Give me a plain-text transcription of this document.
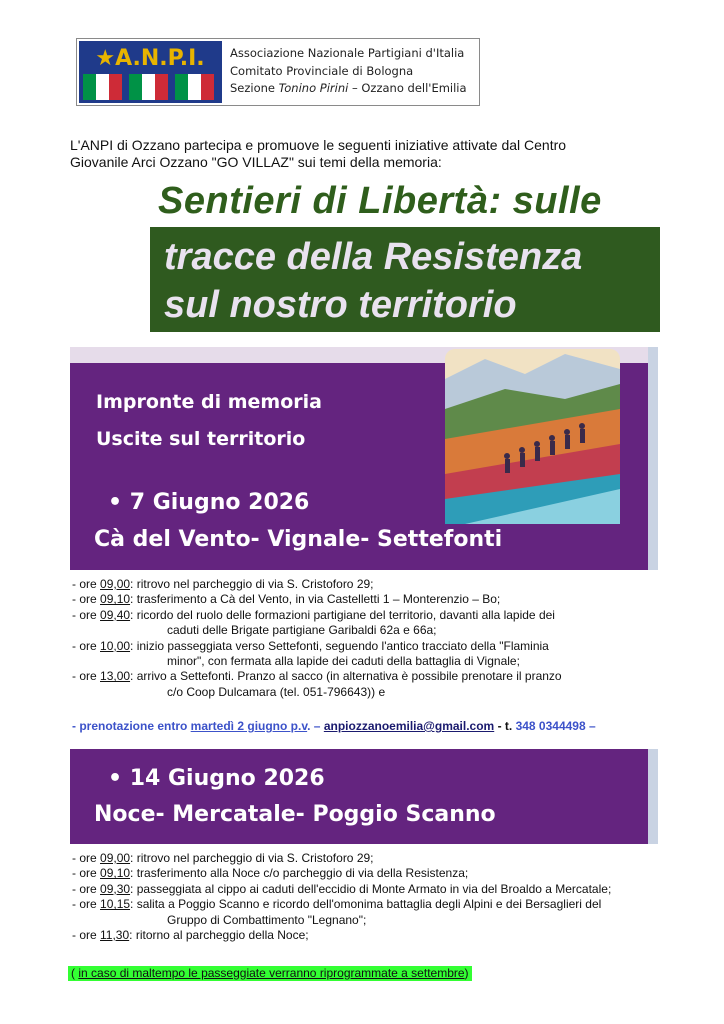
★A.N.P.I. Associazione Nazionale Partigiani d'Italia
Comitato Provinciale di Bologna
Sezione Tonino Pirini – Ozzano dell'Emilia
L'ANPI di Ozzano partecipa e promuove le seguenti iniziative attivate dal Centro
Giovanile Arci Ozzano "GO VILLAZ" sui temi della memoria:
Sentieri di Libertà: sulle
tracce della Resistenza
sul nostro territorio
Impronte di memoria
Uscite sul territorio
• 7 Giugno 2026
Cà del Vento- Vignale- Settefonti
- ore 09,00 : ritrovo nel parcheggio di via S. Cristoforo 29;
- ore 09,10 : trasferimento a Cà del Vento, in via Castelletti 1 – Monterenzio – Bo;
- ore 09,40 : ricordo del ruolo delle formazioni partigiane del territorio, davanti alla lapide dei
caduti delle Brigate partigiane Garibaldi 62a e 66a;
- ore 10,00 : inizio passeggiata verso Settefonti, seguendo l'antico tracciato della "Flaminia
minor", con fermata alla lapide dei caduti della battaglia di Vignale;
- ore 13,00 : arrivo a Settefonti. Pranzo al sacco (in alternativa è possibile prenotare il pranzo
c/o Coop Dulcamara (tel. 051-796643)) e
- prenotazione entro martedì 2 giugno p.v. – anpiozzanoemilia@gmail.com - t. 348 0344498 –
• 14 Giugno 2026
Noce- Mercatale- Poggio Scanno
- ore 09,00 : ritrovo nel parcheggio di via S. Cristoforo 29;
- ore 09,10 : trasferimento alla Noce c/o parcheggio di via della Resistenza;
- ore 09,30 : passeggiata al cippo ai caduti dell'eccidio di Monte Armato in via del Broaldo a Mercatale;
- ore 10,15 : salita a Poggio Scanno e ricordo dell'omonima battaglia degli Alpini e dei Bersaglieri del
Gruppo di Combattimento "Legnano";
- ore 11,30 : ritorno al parcheggio della Noce;
( in caso di maltempo le passeggiate verranno riprogrammate a settembre)
